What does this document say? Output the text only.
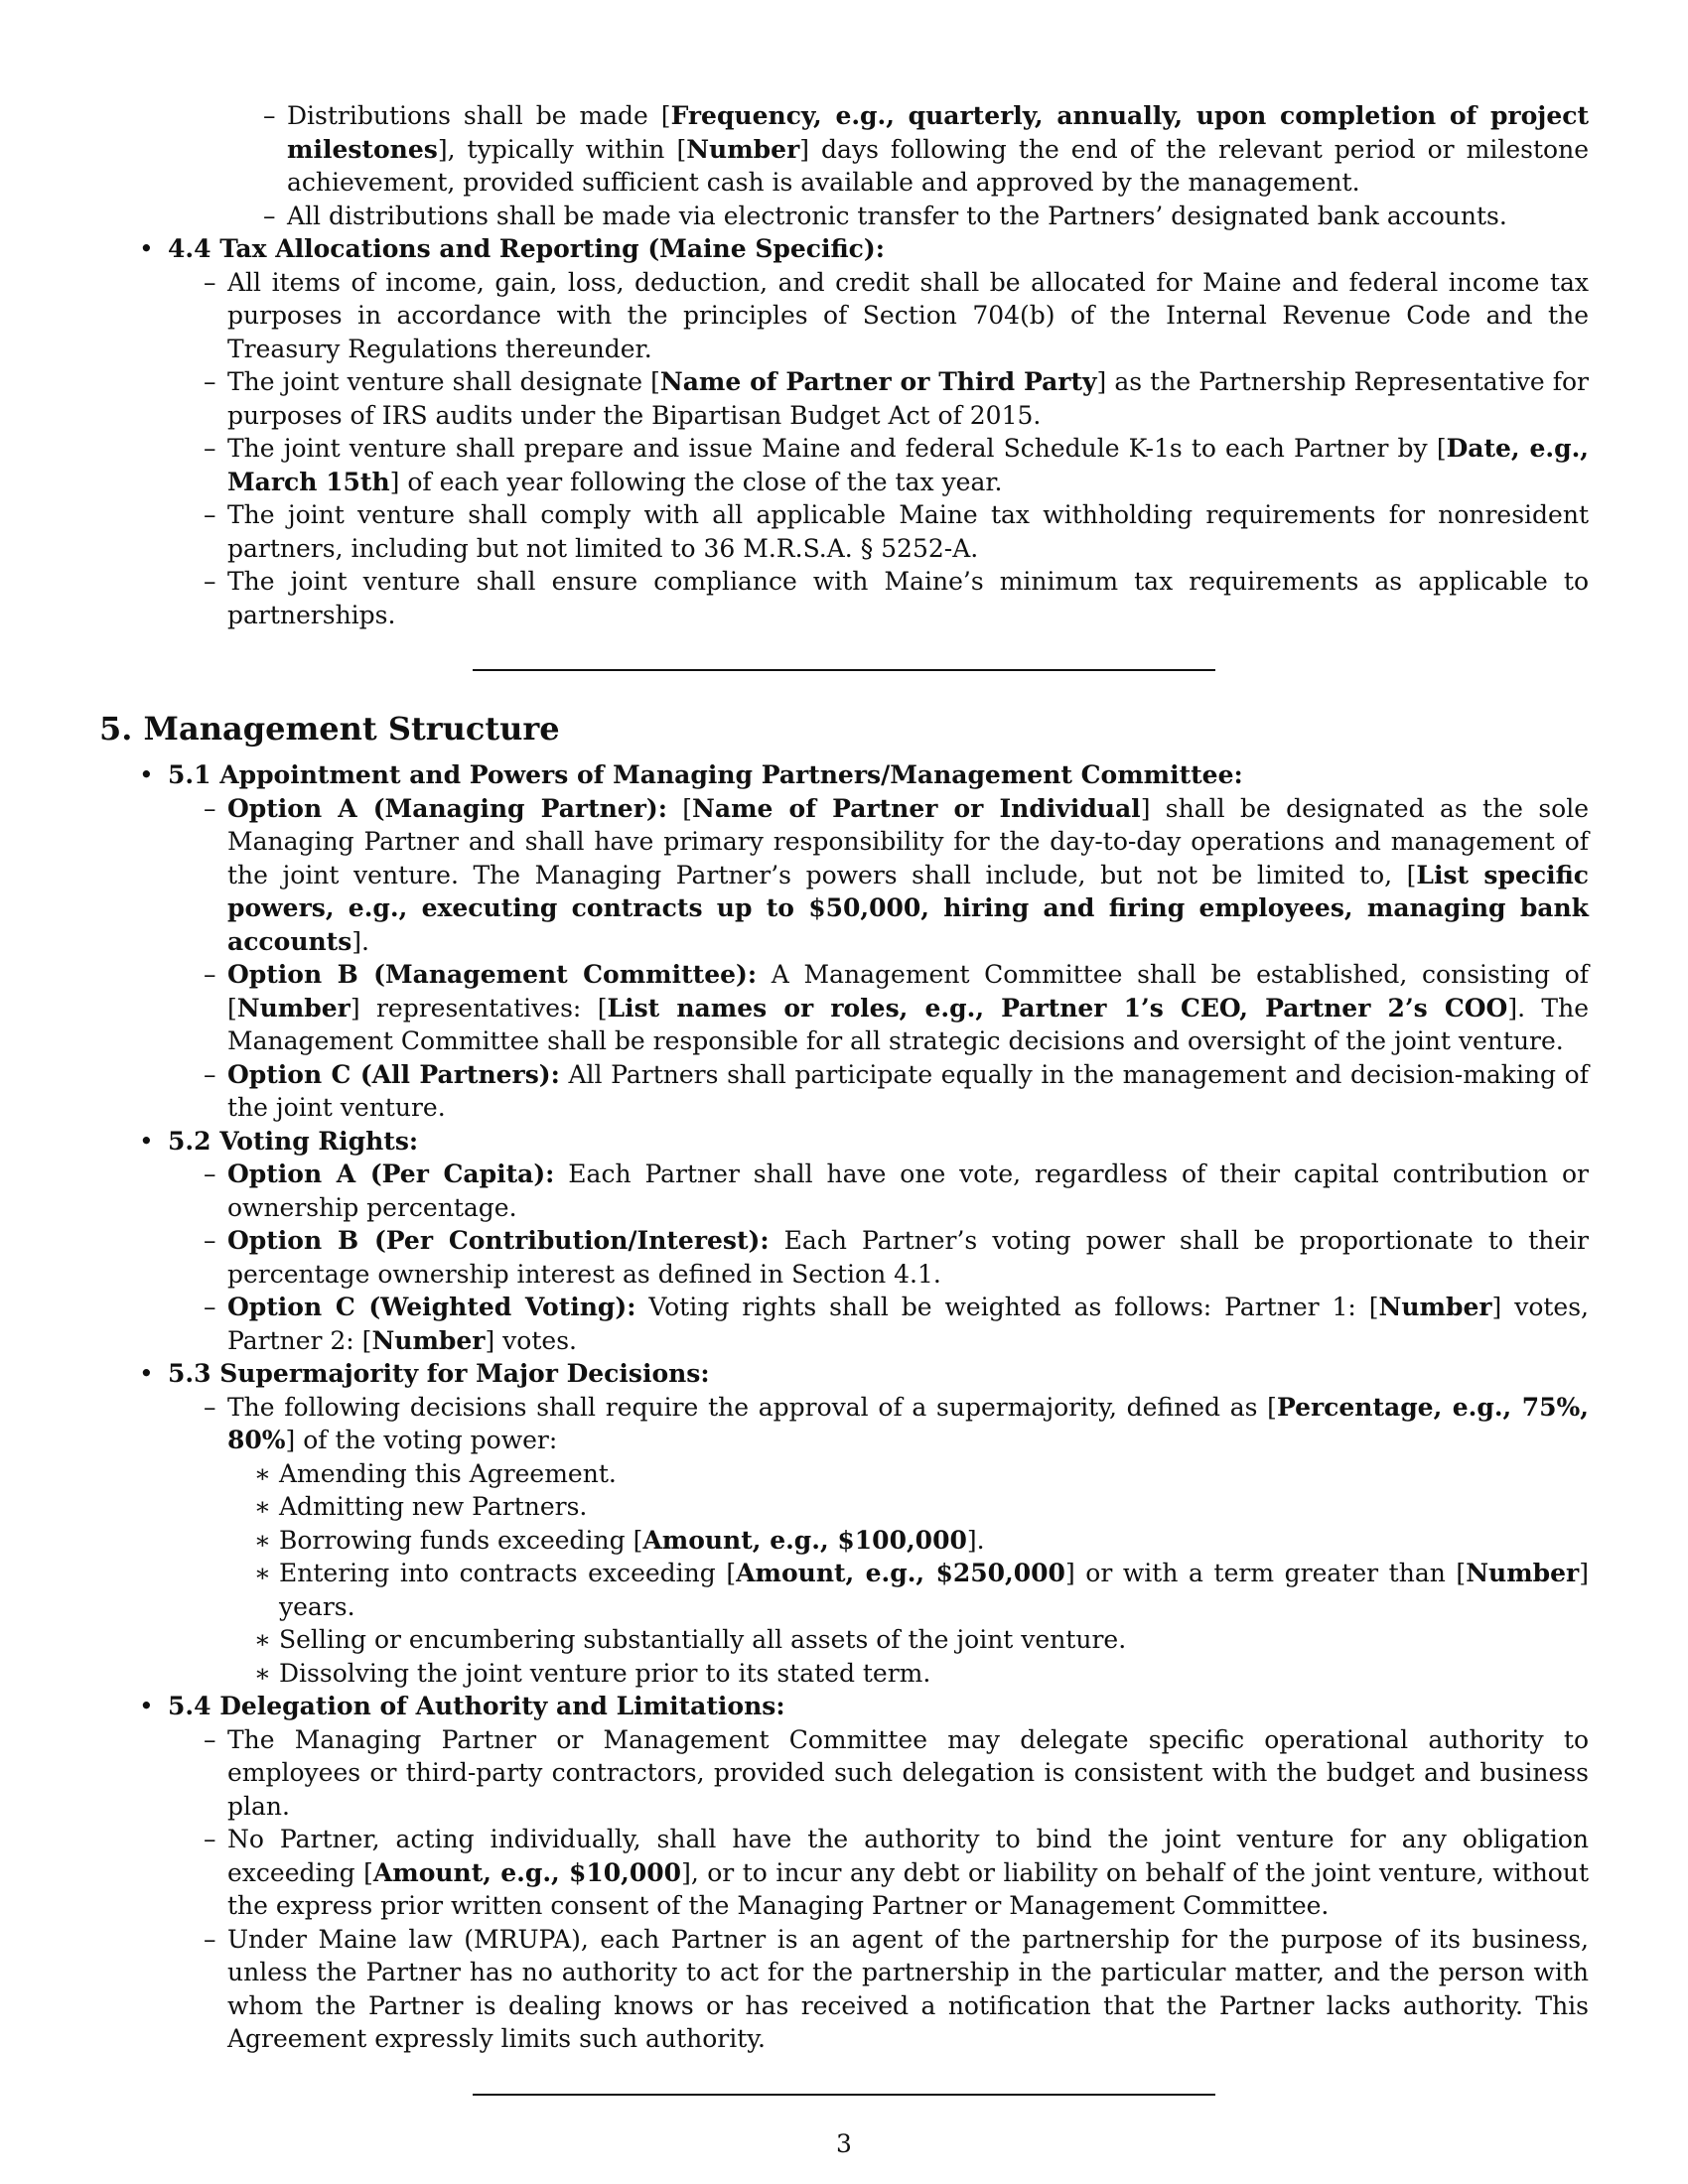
– Distributions shall be made [Frequency, e.g., quarterly, annually, upon completion of project milestones], typically within [Number] days following the end of the relevant period or milestone achievement, provided sufficient cash is available and approved by the management.
– All distributions shall be made via electronic transfer to the Partners’ designated bank accounts.
• 4.4 Tax Allocations and Reporting (Maine Specific):
– All items of income, gain, loss, deduction, and credit shall be allocated for Maine and federal income tax purposes in accordance with the principles of Section 704(b) of the Internal Revenue Code and the Treasury Regulations thereunder.
– The joint venture shall designate [Name of Partner or Third Party] as the Partnership Representative for purposes of IRS audits under the Bipartisan Budget Act of 2015.
– The joint venture shall prepare and issue Maine and federal Schedule K-1s to each Partner by [Date, e.g., March 15th] of each year following the close of the tax year.
– The joint venture shall comply with all applicable Maine tax withholding requirements for nonresident partners, including but not limited to 36 M.R.S.A. § 5252-A.
– The joint venture shall ensure compliance with Maine’s minimum tax requirements as applicable to partnerships.
5. Management Structure
• 5.1 Appointment and Powers of Managing Partners/Management Committee:
– Option A (Managing Partner): [Name of Partner or Individual] shall be designated as the sole Managing Partner and shall have primary responsibility for the day-to-day operations and management of the joint venture. The Managing Partner’s powers shall include, but not be limited to, [List specific powers, e.g., executing contracts up to $50,000, hiring and firing employees, managing bank accounts].
– Option B (Management Committee): A Management Committee shall be established, consisting of [Number] representatives: [List names or roles, e.g., Partner 1’s CEO, Partner 2’s COO]. The Management Committee shall be responsible for all strategic decisions and oversight of the joint venture.
– Option C (All Partners): All Partners shall participate equally in the management and decision-making of the joint venture.
• 5.2 Voting Rights:
– Option A (Per Capita): Each Partner shall have one vote, regardless of their capital contribution or ownership percentage.
– Option B (Per Contribution/Interest): Each Partner’s voting power shall be proportionate to their percentage ownership interest as defined in Section 4.1.
– Option C (Weighted Voting): Voting rights shall be weighted as follows: Partner 1: [Number] votes, Partner 2: [Number] votes.
• 5.3 Supermajority for Major Decisions:
– The following decisions shall require the approval of a supermajority, defined as [Percentage, e.g., 75%, 80%] of the voting power:
∗ Amending this Agreement.
∗ Admitting new Partners.
∗ Borrowing funds exceeding [Amount, e.g., $100,000].
∗ Entering into contracts exceeding [Amount, e.g., $250,000] or with a term greater than [Number] years.
∗ Selling or encumbering substantially all assets of the joint venture.
∗ Dissolving the joint venture prior to its stated term.
• 5.4 Delegation of Authority and Limitations:
– The Managing Partner or Management Committee may delegate specific operational authority to employees or third-party contractors, provided such delegation is consistent with the budget and business plan.
– No Partner, acting individually, shall have the authority to bind the joint venture for any obligation exceeding [Amount, e.g., $10,000], or to incur any debt or liability on behalf of the joint venture, without the express prior written consent of the Managing Partner or Management Committee.
– Under Maine law (MRUPA), each Partner is an agent of the partnership for the purpose of its business, unless the Partner has no authority to act for the partnership in the particular matter, and the person with whom the Partner is dealing knows or has received a notification that the Partner lacks authority. This Agreement expressly limits such authority.
3
